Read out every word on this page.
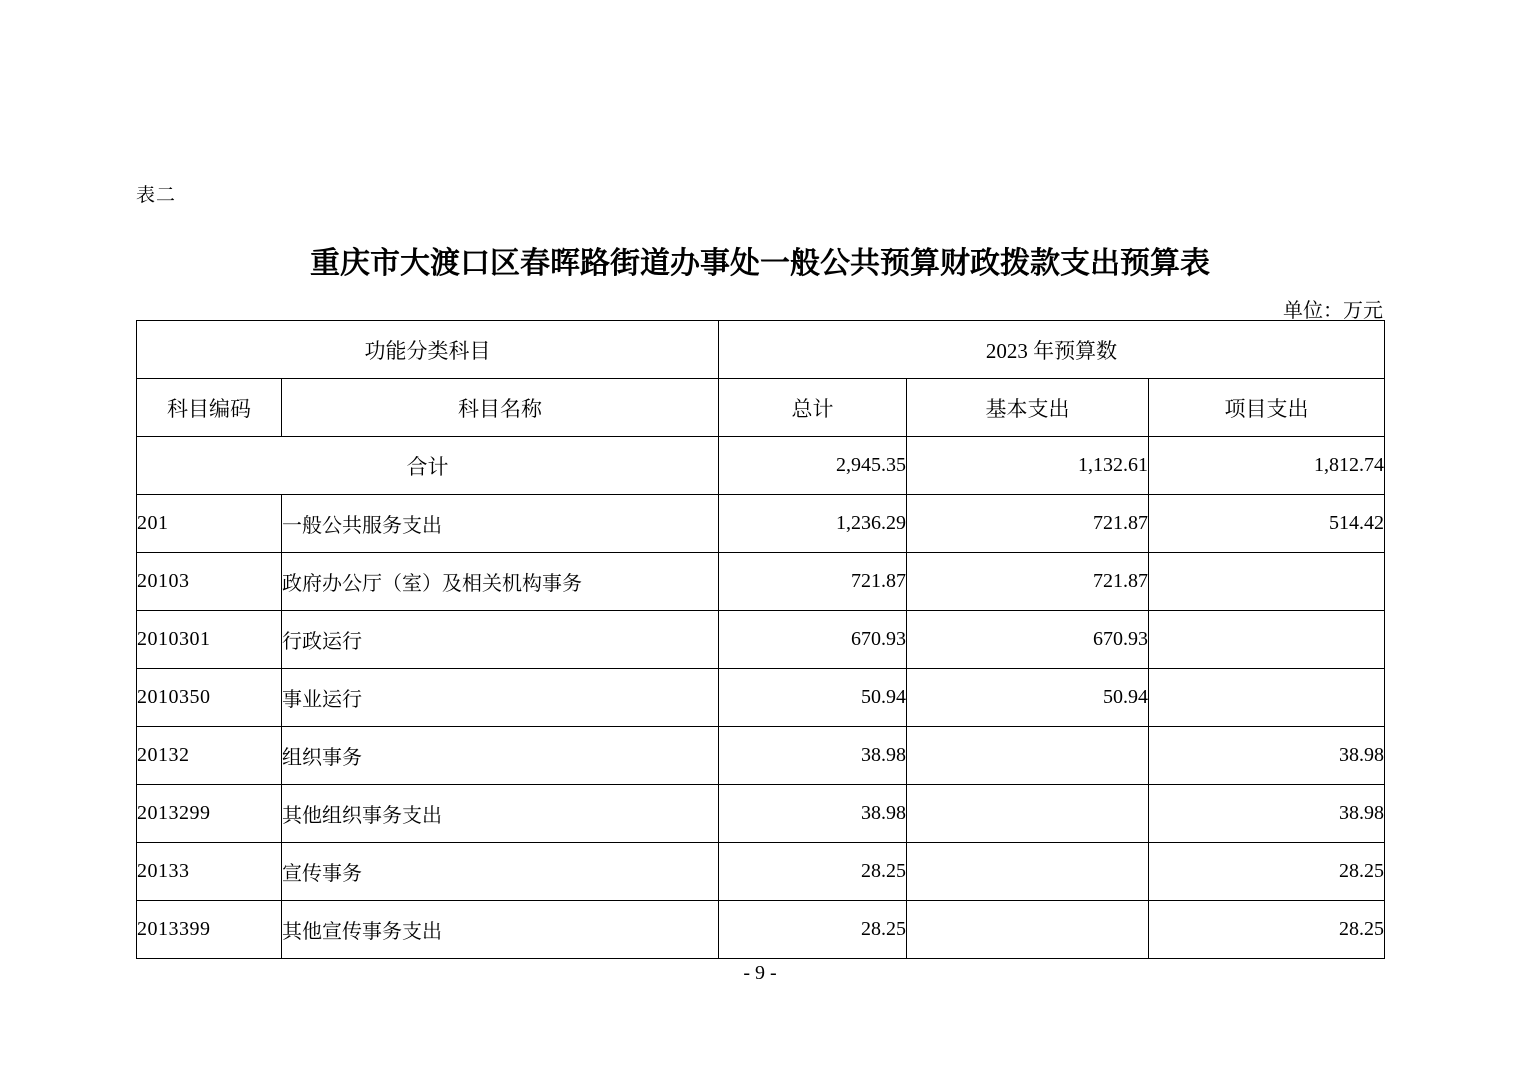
表二
重庆市大渡口区春晖路街道办事处一般公共预算财政拨款支出预算表
单位：万元
功能分类科目		2023 年预算数		
科目编码	科目名称	总计	基本支出	项目支出
合计		2,945.35	1,132.61	1,812.74
201	一般公共服务支出	1,236.29	721.87	514.42
20103	政府办公厅（室）及相关机构事务	721.87	721.87	
2010301	行政运行	670.93	670.93	
2010350	事业运行	50.94	50.94	
20132	组织事务	38.98		38.98
2013299	其他组织事务支出	38.98		38.98
20133	宣传事务	28.25		28.25
2013399	其他宣传事务支出	28.25		28.25
- 9 -
